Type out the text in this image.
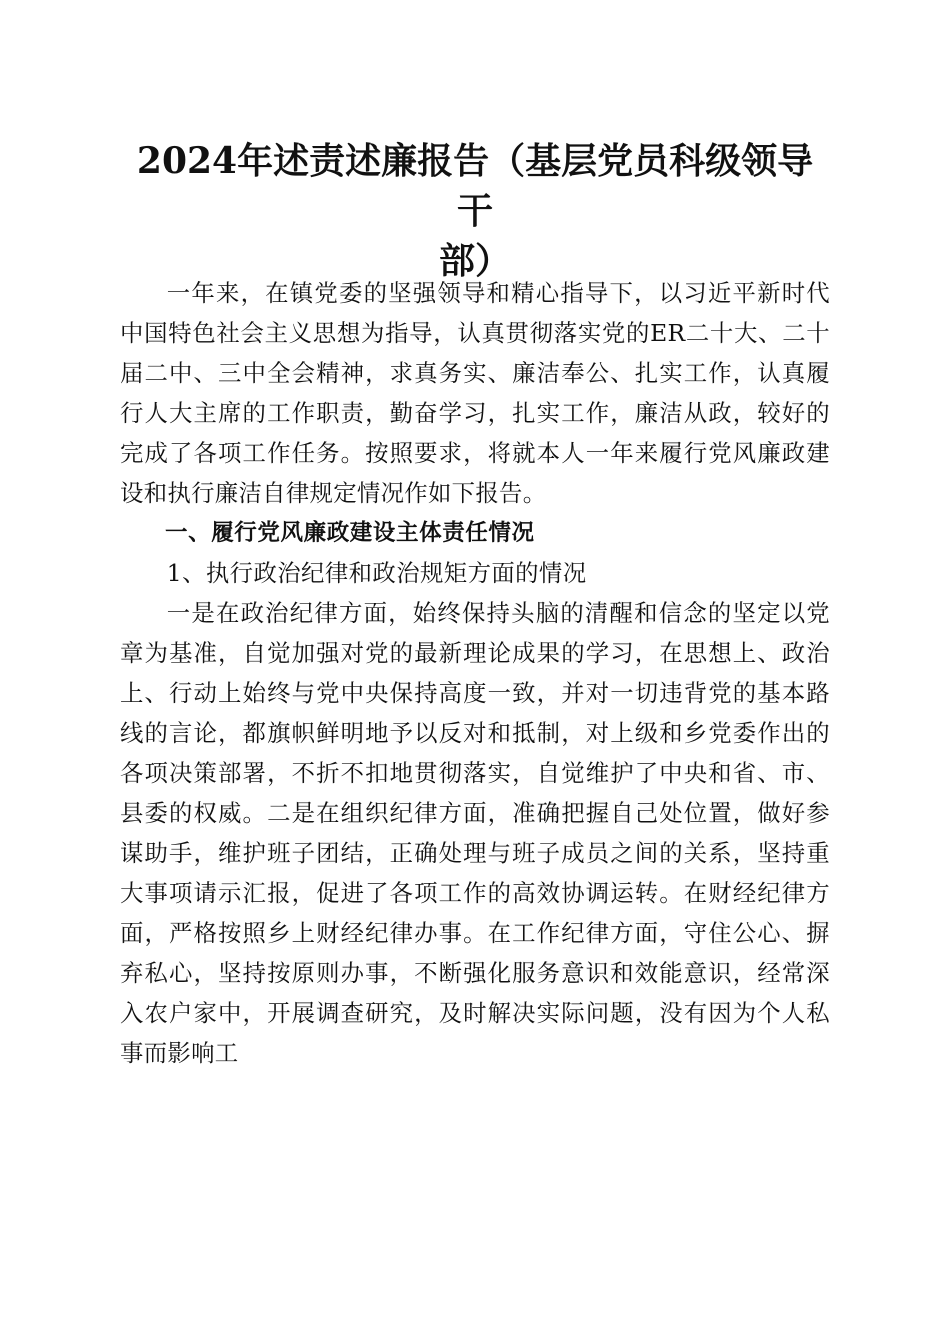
2024年述责述廉报告（基层党员科级领导干
部）

一年来，在镇党委的坚强领导和精心指导下，以习近平新时代中国特色社会主义思想为指导，认真贯彻落实党的ER二十大、二十届二中、三中全会精神，求真务实、廉洁奉公、扎实工作，认真履行人大主席的工作职责，勤奋学习，扎实工作，廉洁从政，较好的完成了各项工作任务。按照要求，将就本人一年来履行党风廉政建设和执行廉洁自律规定情况作如下报告。

一、履行党风廉政建设主体责任情况

1、执行政治纪律和政治规矩方面的情况

一是在政治纪律方面，始终保持头脑的清醒和信念的坚定以党章为基准，自觉加强对党的最新理论成果的学习，在思想上、政治上、行动上始终与党中央保持高度一致，并对一切违背党的基本路线的言论，都旗帜鲜明地予以反对和抵制，对上级和乡党委作出的各项决策部署，不折不扣地贯彻落实，自觉维护了中央和省、市、县委的权威。二是在组织纪律方面，准确把握自己处位置，做好参谋助手，维护班子团结，正确处理与班子成员之间的关系，坚持重大事项请示汇报，促进了各项工作的高效协调运转。在财经纪律方面，严格按照乡上财经纪律办事。在工作纪律方面，守住公心、摒弃私心，坚持按原则办事，不断强化服务意识和效能意识，经常深入农户家中，开展调查研究，及时解决实际问题，没有因为个人私事而影响工
